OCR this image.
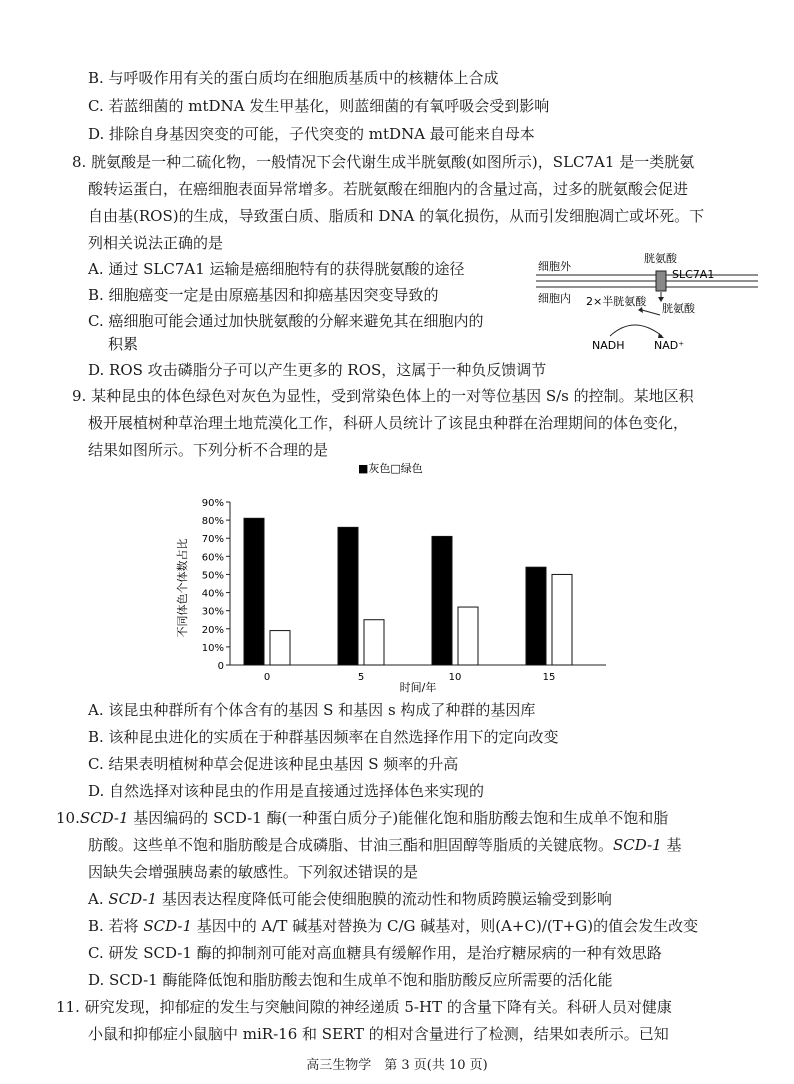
B. 与呼吸作用有关的蛋白质均在细胞质基质中的核糖体上合成
C. 若蓝细菌的 mtDNA 发生甲基化，则蓝细菌的有氧呼吸会受到影响
D. 排除自身基因突变的可能，子代突变的 mtDNA 最可能来自母本
8. 胱氨酸是一种二硫化物，一般情况下会代谢生成半胱氨酸(如图所示)，SLC7A1 是一类胱氨
酸转运蛋白，在癌细胞表面异常增多。若胱氨酸在细胞内的含量过高，过多的胱氨酸会促进
自由基(ROS)的生成，导致蛋白质、脂质和 DNA 的氧化损伤，从而引发细胞凋亡或坏死。下
列相关说法正确的是
A. 通过 SLC7A1 运输是癌细胞特有的获得胱氨酸的途径
B. 细胞癌变一定是由原癌基因和抑癌基因突变导致的
C. 癌细胞可能会通过加快胱氨酸的分解来避免其在细胞内的
积累
D. ROS 攻击磷脂分子可以产生更多的 ROS，这属于一种负反馈调节
细胞外
细胞内
胱氨酸
SLC7A1
胱氨酸
2×半胱氨酸
NADH	NAD⁺
9. 某种昆虫的体色绿色对灰色为显性，受到常染色体上的一对等位基因 S/s 的控制。某地区积
极开展植树种草治理土地荒漠化工作，科研人员统计了该昆虫种群在治理期间的体色变化，
结果如图所示。下列分析不合理的是
■灰色□绿色
不同体色个体数占比
0
10%
20%
30%
40%
50%
60%
70%
80%
90%
0	5	10	15
时间/年
A. 该昆虫种群所有个体含有的基因 S 和基因 s 构成了种群的基因库
B. 该种昆虫进化的实质在于种群基因频率在自然选择作用下的定向改变
C. 结果表明植树种草会促进该种昆虫基因 S 频率的升高
D. 自然选择对该种昆虫的作用是直接通过选择体色来实现的
10.SCD-1 基因编码的 SCD-1 酶(一种蛋白质分子)能催化饱和脂肪酸去饱和生成单不饱和脂
肪酸。这些单不饱和脂肪酸是合成磷脂、甘油三酯和胆固醇等脂质的关键底物。SCD-1 基
因缺失会增强胰岛素的敏感性。下列叙述错误的是
A. SCD-1 基因表达程度降低可能会使细胞膜的流动性和物质跨膜运输受到影响
B. 若将 SCD-1 基因中的 A/T 碱基对替换为 C/G 碱基对，则(A+C)/(T+G)的值会发生改变
C. 研发 SCD-1 酶的抑制剂可能对高血糖具有缓解作用，是治疗糖尿病的一种有效思路
D. SCD-1 酶能降低饱和脂肪酸去饱和生成单不饱和脂肪酸反应所需要的活化能
11. 研究发现，抑郁症的发生与突触间隙的神经递质 5-HT 的含量下降有关。科研人员对健康
小鼠和抑郁症小鼠脑中 miR-16 和 SERT 的相对含量进行了检测，结果如表所示。已知
高三生物学　第 3 页(共 10 页)
